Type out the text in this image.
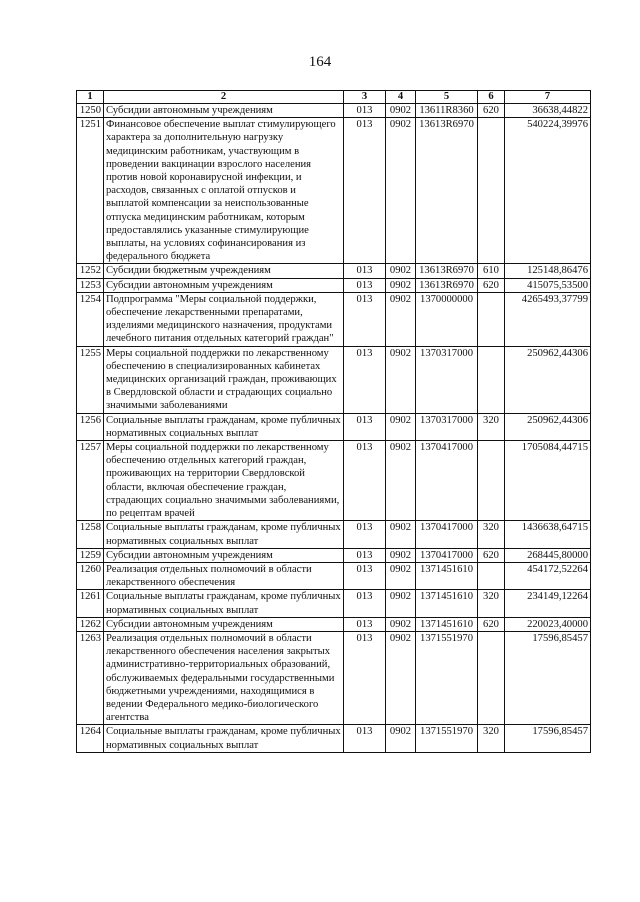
164
1	2	3	4	5	6	7
1250	Субсидии автономным учреждениям	013	0902	13611R8360	620	36638,44822
1251	Финансовое обеспечение выплат стимулирующего характера за дополнительную нагрузку медицинским работникам, участвующим в проведении вакцинации взрослого населения против новой коронавирусной инфекции, и расходов, связанных с оплатой отпусков и выплатой компенсации за неиспользованные отпуска медицинским работникам, которым предоставлялись указанные стимулирующие выплаты, на условиях софинансирования из федерального бюджета	013	0902	13613R6970		540224,39976
1252	Субсидии бюджетным учреждениям	013	0902	13613R6970	610	125148,86476
1253	Субсидии автономным учреждениям	013	0902	13613R6970	620	415075,53500
1254	Подпрограмма "Меры социальной поддержки, обеспечение лекарственными препаратами, изделиями медицинского назначения, продуктами лечебного питания отдельных категорий граждан"	013	0902	1370000000		4265493,37799
1255	Меры социальной поддержки по лекарственному обеспечению в специализированных кабинетах медицинских организаций граждан, проживающих в Свердловской области и страдающих социально значимыми заболеваниями	013	0902	1370317000		250962,44306
1256	Социальные выплаты гражданам, кроме публичных нормативных социальных выплат	013	0902	1370317000	320	250962,44306
1257	Меры социальной поддержки по лекарственному обеспечению отдельных категорий граждан, проживающих на территории Свердловской области, включая обеспечение граждан, страдающих социально значимыми заболеваниями, по рецептам врачей	013	0902	1370417000		1705084,44715
1258	Социальные выплаты гражданам, кроме публичных нормативных социальных выплат	013	0902	1370417000	320	1436638,64715
1259	Субсидии автономным учреждениям	013	0902	1370417000	620	268445,80000
1260	Реализация отдельных полномочий в области лекарственного обеспечения	013	0902	1371451610		454172,52264
1261	Социальные выплаты гражданам, кроме публичных нормативных социальных выплат	013	0902	1371451610	320	234149,12264
1262	Субсидии автономным учреждениям	013	0902	1371451610	620	220023,40000
1263	Реализация отдельных полномочий в области лекарственного обеспечения населения закрытых административно-территориальных образований, обслуживаемых федеральными государственными бюджетными учреждениями, находящимися в ведении Федерального медико-биологического агентства	013	0902	1371551970		17596,85457
1264	Социальные выплаты гражданам, кроме публичных нормативных социальных выплат	013	0902	1371551970	320	17596,85457
